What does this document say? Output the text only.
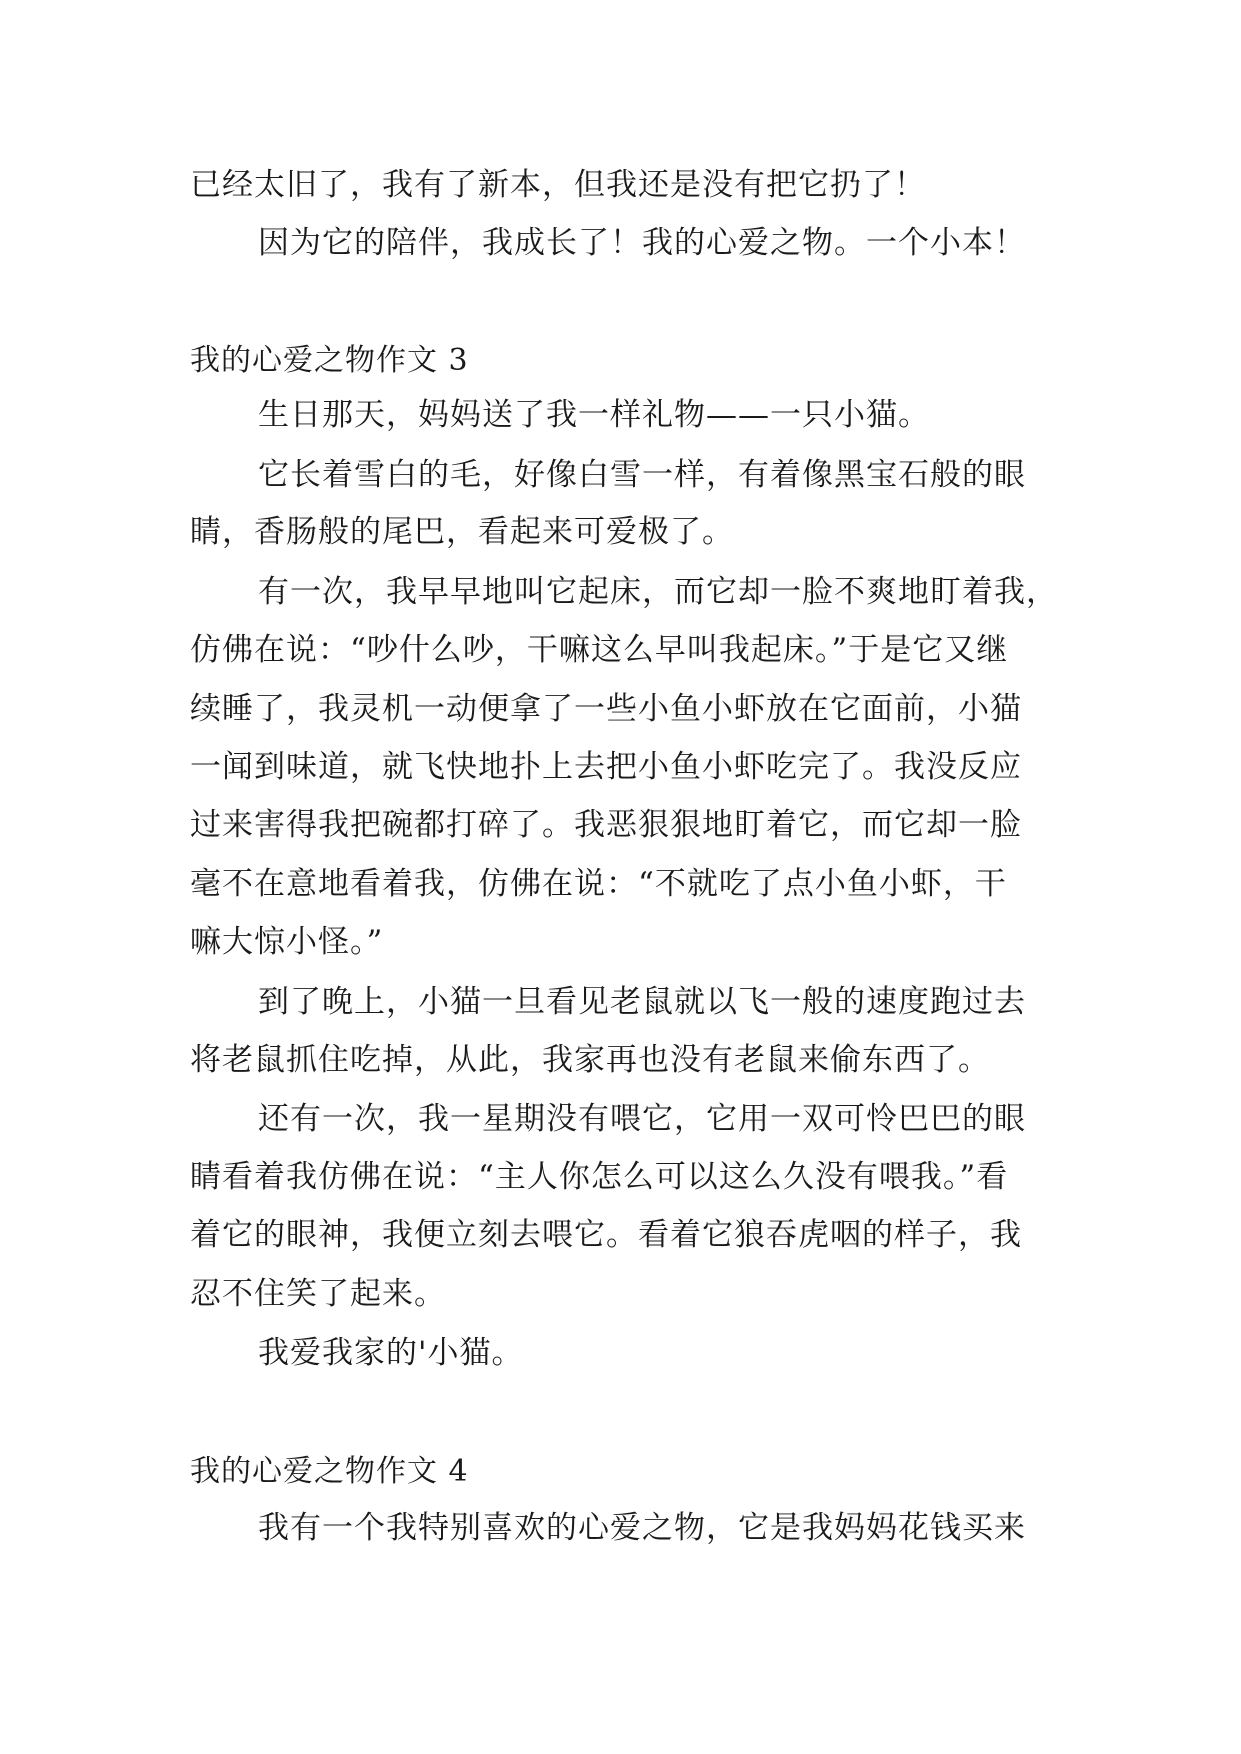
已经太旧了，我有了新本，但我还是没有把它扔了！
因为它的陪伴，我成长了！我的心爱之物。一个小本！
我的心爱之物作文 3
生日那天，妈妈送了我一样礼物——一只小猫。
它长着雪白的毛，好像白雪一样，有着像黑宝石般的眼
睛，香肠般的尾巴，看起来可爱极了。
有一次，我早早地叫它起床，而它却一脸不爽地盯着我，
仿佛在说：“吵什么吵，干嘛这么早叫我起床。”于是它又继
续睡了，我灵机一动便拿了一些小鱼小虾放在它面前，小猫
一闻到味道，就飞快地扑上去把小鱼小虾吃完了。我没反应
过来害得我把碗都打碎了。我恶狠狠地盯着它，而它却一脸
毫不在意地看着我，仿佛在说：“不就吃了点小鱼小虾，干
嘛大惊小怪。”
到了晚上，小猫一旦看见老鼠就以飞一般的速度跑过去
将老鼠抓住吃掉，从此，我家再也没有老鼠来偷东西了。
还有一次，我一星期没有喂它，它用一双可怜巴巴的眼
睛看着我仿佛在说：“主人你怎么可以这么久没有喂我。”看
着它的眼神，我便立刻去喂它。看着它狼吞虎咽的样子，我
忍不住笑了起来。
我爱我家的'小猫。
我的心爱之物作文 4
我有一个我特别喜欢的心爱之物，它是我妈妈花钱买来
